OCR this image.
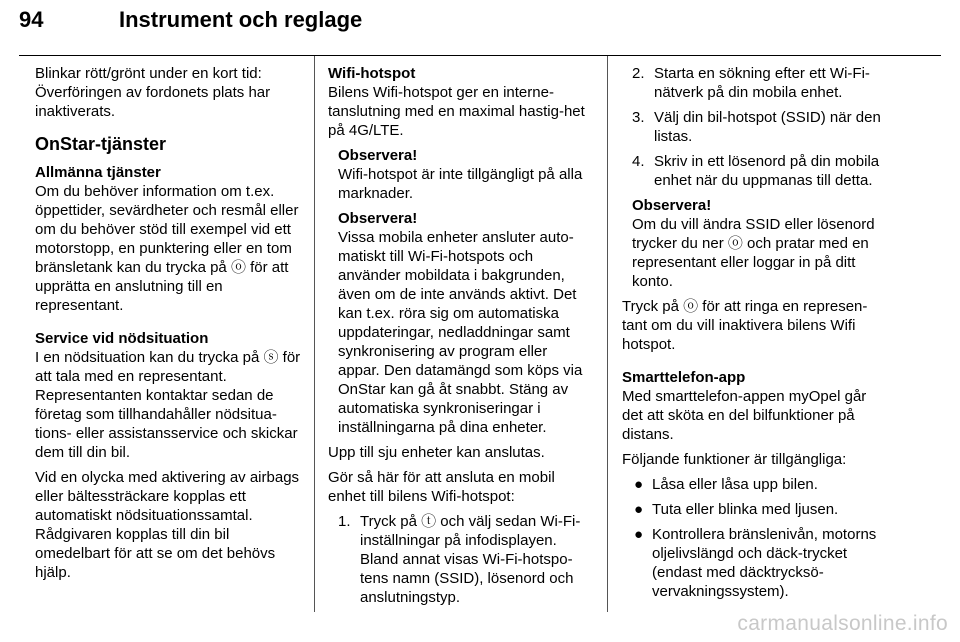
94	Instrument och reglage

Blinkar rött/grönt under en kort tid: Överföringen av fordonets plats har inaktiverats.

OnStar-tjänster
Allmänna tjänster

Om du behöver information om t.ex. öppettider, sevärdheter och resmål eller om du behöver stöd till exempel vid ett motorstopp, en punktering eller en tom bränsletank kan du trycka på ⓞ för att upprätta en anslutning till en representant.

Service vid nödsituation

I en nödsituation kan du trycka på ⓢ för att tala med en representant. Representanten kontaktar sedan de företag som tillhandahåller nödsitua-tions- eller assistansservice och skickar dem till din bil.

Vid en olycka med aktivering av airbags eller bältessträckare kopplas ett automatiskt nödsituationssamtal. Rådgivaren kopplas till din bil omedelbart för att se om det behövs hjälp.

Wifi-hotspot

Bilens Wifi-hotspot ger en interne-tanslutning med en maximal hastig-het på 4G/LTE.

Observera!
Wifi-hotspot är inte tillgängligt på alla marknader.
Observera!
Vissa mobila enheter ansluter auto-matiskt till Wi-Fi-hotspots och använder mobildata i bakgrunden, även om de inte används aktivt. Det kan t.ex. röra sig om automatiska uppdateringar, nedladdningar samt synkronisering av program eller appar. Den datamängd som köps via OnStar kan gå åt snabbt. Stäng av automatiska synkroniseringar i inställningarna på dina enheter.

Upp till sju enheter kan anslutas.

Gör så här för att ansluta en mobil enhet till bilens Wifi-hotspot:

1. Tryck på ⓣ och välj sedan Wi-Fi-inställningar på infodisplayen. Bland annat visas Wi-Fi-hotspo-tens namn (SSID), lösenord och anslutningstyp.
2. Starta en sökning efter ett Wi-Fi-nätverk på din mobila enhet.
3. Välj din bil-hotspot (SSID) när den listas.
4. Skriv in ett lösenord på din mobila enhet när du uppmanas till detta.
Observera!
Om du vill ändra SSID eller lösenord trycker du ner ⓞ och pratar med en representant eller loggar in på ditt konto.

Tryck på ⓞ för att ringa en represen-tant om du vill inaktivera bilens Wifi hotspot.

Smarttelefon-app

Med smarttelefon-appen myOpel går det att sköta en del bilfunktioner på distans.

Följande funktioner är tillgängliga:

● Låsa eller låsa upp bilen.
● Tuta eller blinka med ljusen.
● Kontrollera bränslenivån, motorns oljelivslängd och däck-trycket (endast med däcktrycksö-vervakningssystem).
carmanualsonline.info
